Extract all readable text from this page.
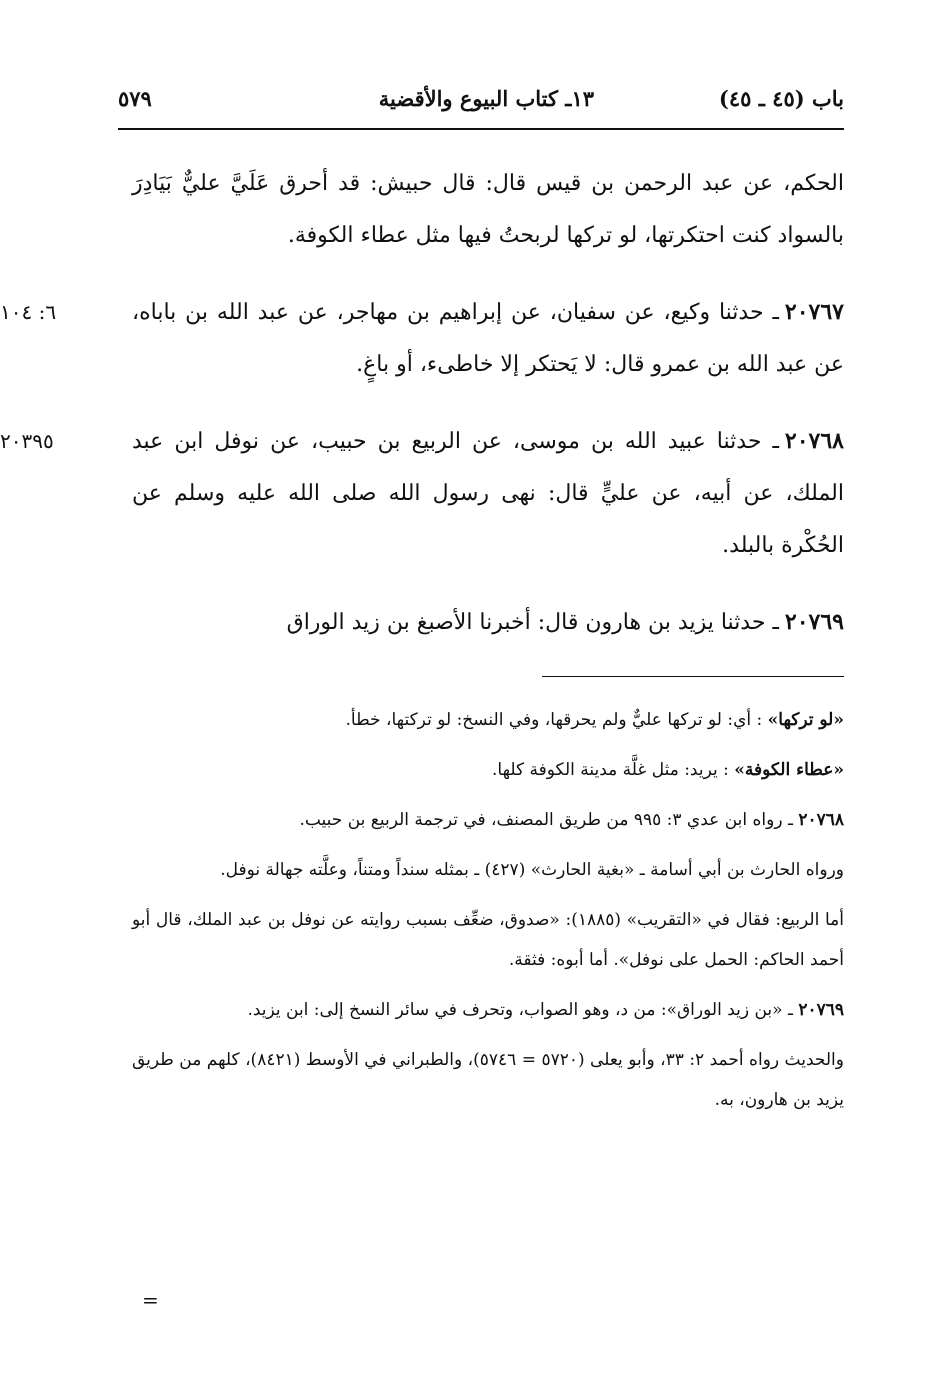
باب (٤٥ ـ ٤٥)
١٣ـ كتاب البيوع والأقضية
٥٧٩

الحكم، عن عبد الرحمن بن قيس قال: قال حبيش: قد أحرق عَلَيَّ عليٌّ بَيَادِرَ بالسواد كنت احتكرتها، لو تركها لربحتُ فيها مثل عطاء الكوفة.

٦: ١٠٤	٢٠٧٦٧ـ حدثنا وكيع، عن سفيان، عن إبراهيم بن مهاجر، عن عبد الله بن باباه، عن عبد الله بن عمرو قال: لا يَحتكر إلا خاطىء، أو باغٍ.

٢٠٣٩٥	٢٠٧٦٨ـ حدثنا عبيد الله بن موسى، عن الربيع بن حبيب، عن نوفل ابن عبد الملك، عن أبيه، عن عليٍّ قال: نهى رسول الله صلى الله عليه وسلم عن الحُكْرة بالبلد.

٢٠٧٦٩ـ حدثنا يزيد بن هارون قال: أخبرنا الأصبغ بن زيد الوراق

«لو تركها» : أي: لو تركها عليٌّ ولم يحرقها، وفي النسخ: لو تركتها، خطأ.

«عطاء الكوفة» : يريد: مثل غلَّة مدينة الكوفة كلها.

٢٠٧٦٨ ـ رواه ابن عدي ٣: ٩٩٥ من طريق المصنف، في ترجمة الربيع بن حبيب.

ورواه الحارث بن أبي أسامة ـ «بغية الحارث» (٤٢٧) ـ بمثله سنداً ومتناً، وعلَّته جهالة نوفل.

أما الربيع: فقال في «التقريب» (١٨٨٥): «صدوق، ضعِّف بسبب روايته عن نوفل بن عبد الملك، قال أبو أحمد الحاكم: الحمل على نوفل». أما أبوه: فثقة.

٢٠٧٦٩ ـ «بن زيد الوراق»: من د، وهو الصواب، وتحرف في سائر النسخ إلى: ابن يزيد.

والحديث رواه أحمد ٢: ٣٣، وأبو يعلى (٥٧٢٠ = ٥٧٤٦)، والطبراني في الأوسط (٨٤٢١)، كلهم من طريق يزيد بن هارون، به.

=
